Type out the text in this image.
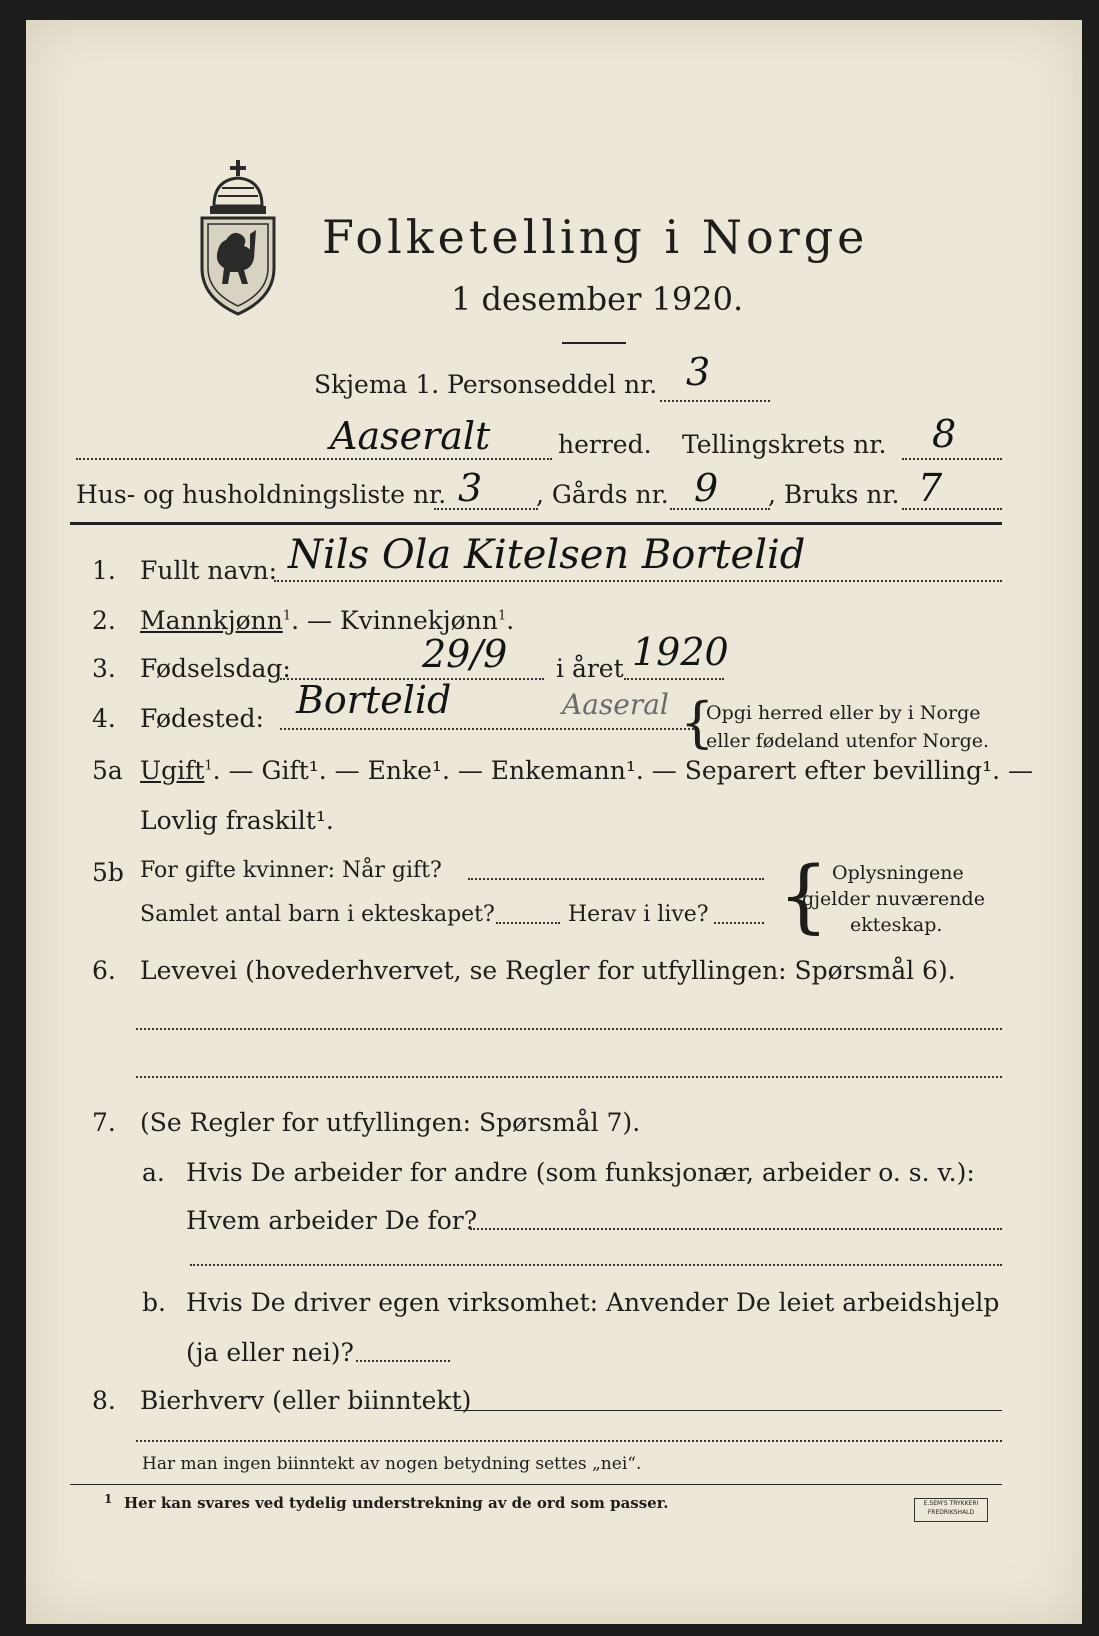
Folketelling i Norge
1 desember 1920.
Skjema 1. Personseddel nr. 3
Aaseralt	herred. Tellingskrets nr. 8
Hus- og husholdningsliste nr. 3 , Gårds nr. 9 , Bruks nr. 7
1. Fullt navn: Nils Ola Kitelsen Bortelid
2. Mannkjønn$^1$. — Kvinnekjønn$^1$.
3. Fødselsdag:	29/9 i året 1920
4. Fødested: Bortelid	Aaseral {
Opgi herred eller by i Norge
eller fødeland utenfor Norge.
5a Ugift$^1$. — Gift¹. — Enke¹. — Enkemann¹. — Separert efter bevilling¹. —
Lovlig fraskilt¹.
5b For gifte kvinner: Når gift?
Samlet antal barn i ekteskapet?	Herav i live? { Oplysningene
gjelder nuværende
ekteskap.
6. Levevei (hovederhvervet, se Regler for utfyllingen: Spørsmål 6).
7. (Se Regler for utfyllingen: Spørsmål 7).
a. Hvis De arbeider for andre (som funksjonær, arbeider o. s. v.):
Hvem arbeider De for?
b. Hvis De driver egen virksomhet: Anvender De leiet arbeidshjelp
(ja eller nei)?
8. Bierhverv (eller biinntekt)
Har man ingen biinntekt av nogen betydning settes „nei“.
1 Her kan svares ved tydelig understrekning av de ord som passer.	E.SEM'S TRYKKERI
FREDRIKSHALD
